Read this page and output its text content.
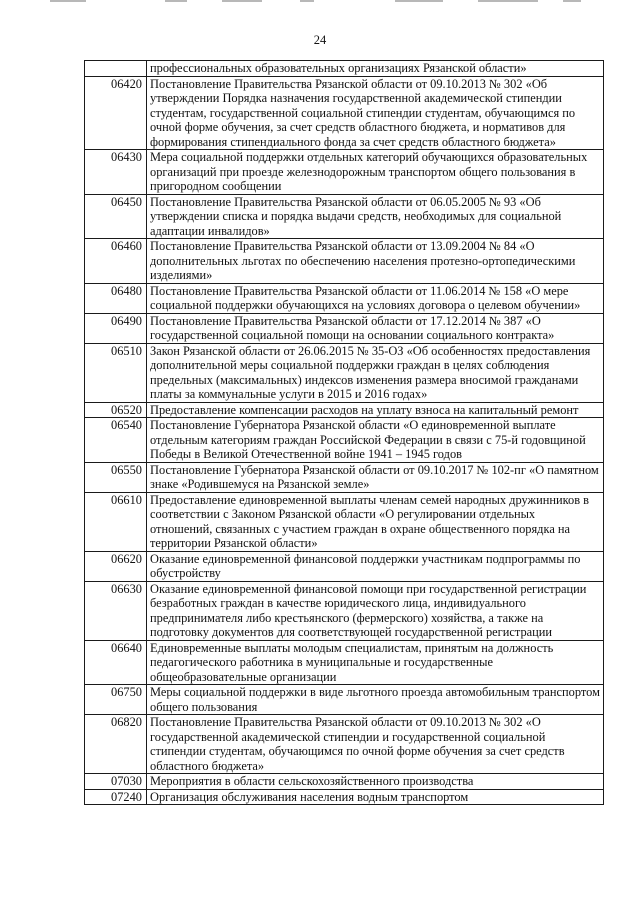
24
	профессиональных образовательных организациях Рязанской области»
06420	Постановление Правительства Рязанской области от 09.10.2013 № 302 «Об утверждении Порядка назначения государственной академической стипендии студентам, государственной социальной стипендии студентам, обучающимся по очной форме обучения, за счет средств областного бюджета, и нормативов для формирования стипендиального фонда за счет средств областного бюджета»
06430	Мера социальной поддержки отдельных категорий обучающихся образовательных организаций при проезде железнодорожным транспортом общего пользования в пригородном сообщении
06450	Постановление Правительства Рязанской области от 06.05.2005 № 93 «Об утверждении списка и порядка выдачи средств, необходимых для социальной адаптации инвалидов»
06460	Постановление Правительства Рязанской области от 13.09.2004 № 84 «О дополнительных льготах по обеспечению населения протезно-ортопедическими изделиями»
06480	Постановление Правительства Рязанской области от 11.06.2014 № 158 «О мере социальной поддержки обучающихся на условиях договора о целевом обучении»
06490	Постановление Правительства Рязанской области от 17.12.2014 № 387 «О государственной социальной помощи на основании социального контракта»
06510	Закон Рязанской области от 26.06.2015 № 35-ОЗ «Об особенностях предоставления дополнительной меры социальной поддержки граждан в целях соблюдения предельных (максимальных) индексов изменения размера вносимой гражданами платы за коммунальные услуги в 2015 и 2016 годах»
06520	Предоставление компенсации расходов на уплату взноса на капитальный ремонт
06540	Постановление Губернатора Рязанской области «О единовременной выплате отдельным категориям граждан Российской Федерации в связи с 75-й годовщиной Победы в Великой Отечественной войне 1941 – 1945 годов
06550	Постановление Губернатора Рязанской области от 09.10.2017 № 102-пг «О памятном знаке «Родившемуся на Рязанской земле»
06610	Предоставление единовременной выплаты членам семей народных дружинников в соответствии с Законом Рязанской области «О регулировании отдельных отношений, связанных с участием граждан в охране общественного порядка на территории Рязанской области»
06620	Оказание единовременной финансовой поддержки участникам подпрограммы по обустройству
06630	Оказание единовременной финансовой помощи при государственной регистрации безработных граждан в качестве юридического лица, индивидуального предпринимателя либо крестьянского (фермерского) хозяйства, а также на подготовку документов для соответствующей государственной регистрации
06640	Единовременные выплаты молодым специалистам, принятым на должность педагогического работника в муниципальные и государственные общеобразовательные организации
06750	Меры социальной поддержки в виде льготного проезда автомобильным транспортом общего пользования
06820	Постановление Правительства Рязанской области от 09.10.2013 № 302 «О государственной академической стипендии и государственной социальной стипендии студентам, обучающимся по очной форме обучения за счет средств областного бюджета»
07030	Мероприятия в области сельскохозяйственного производства
07240	Организация обслуживания населения водным транспортом
